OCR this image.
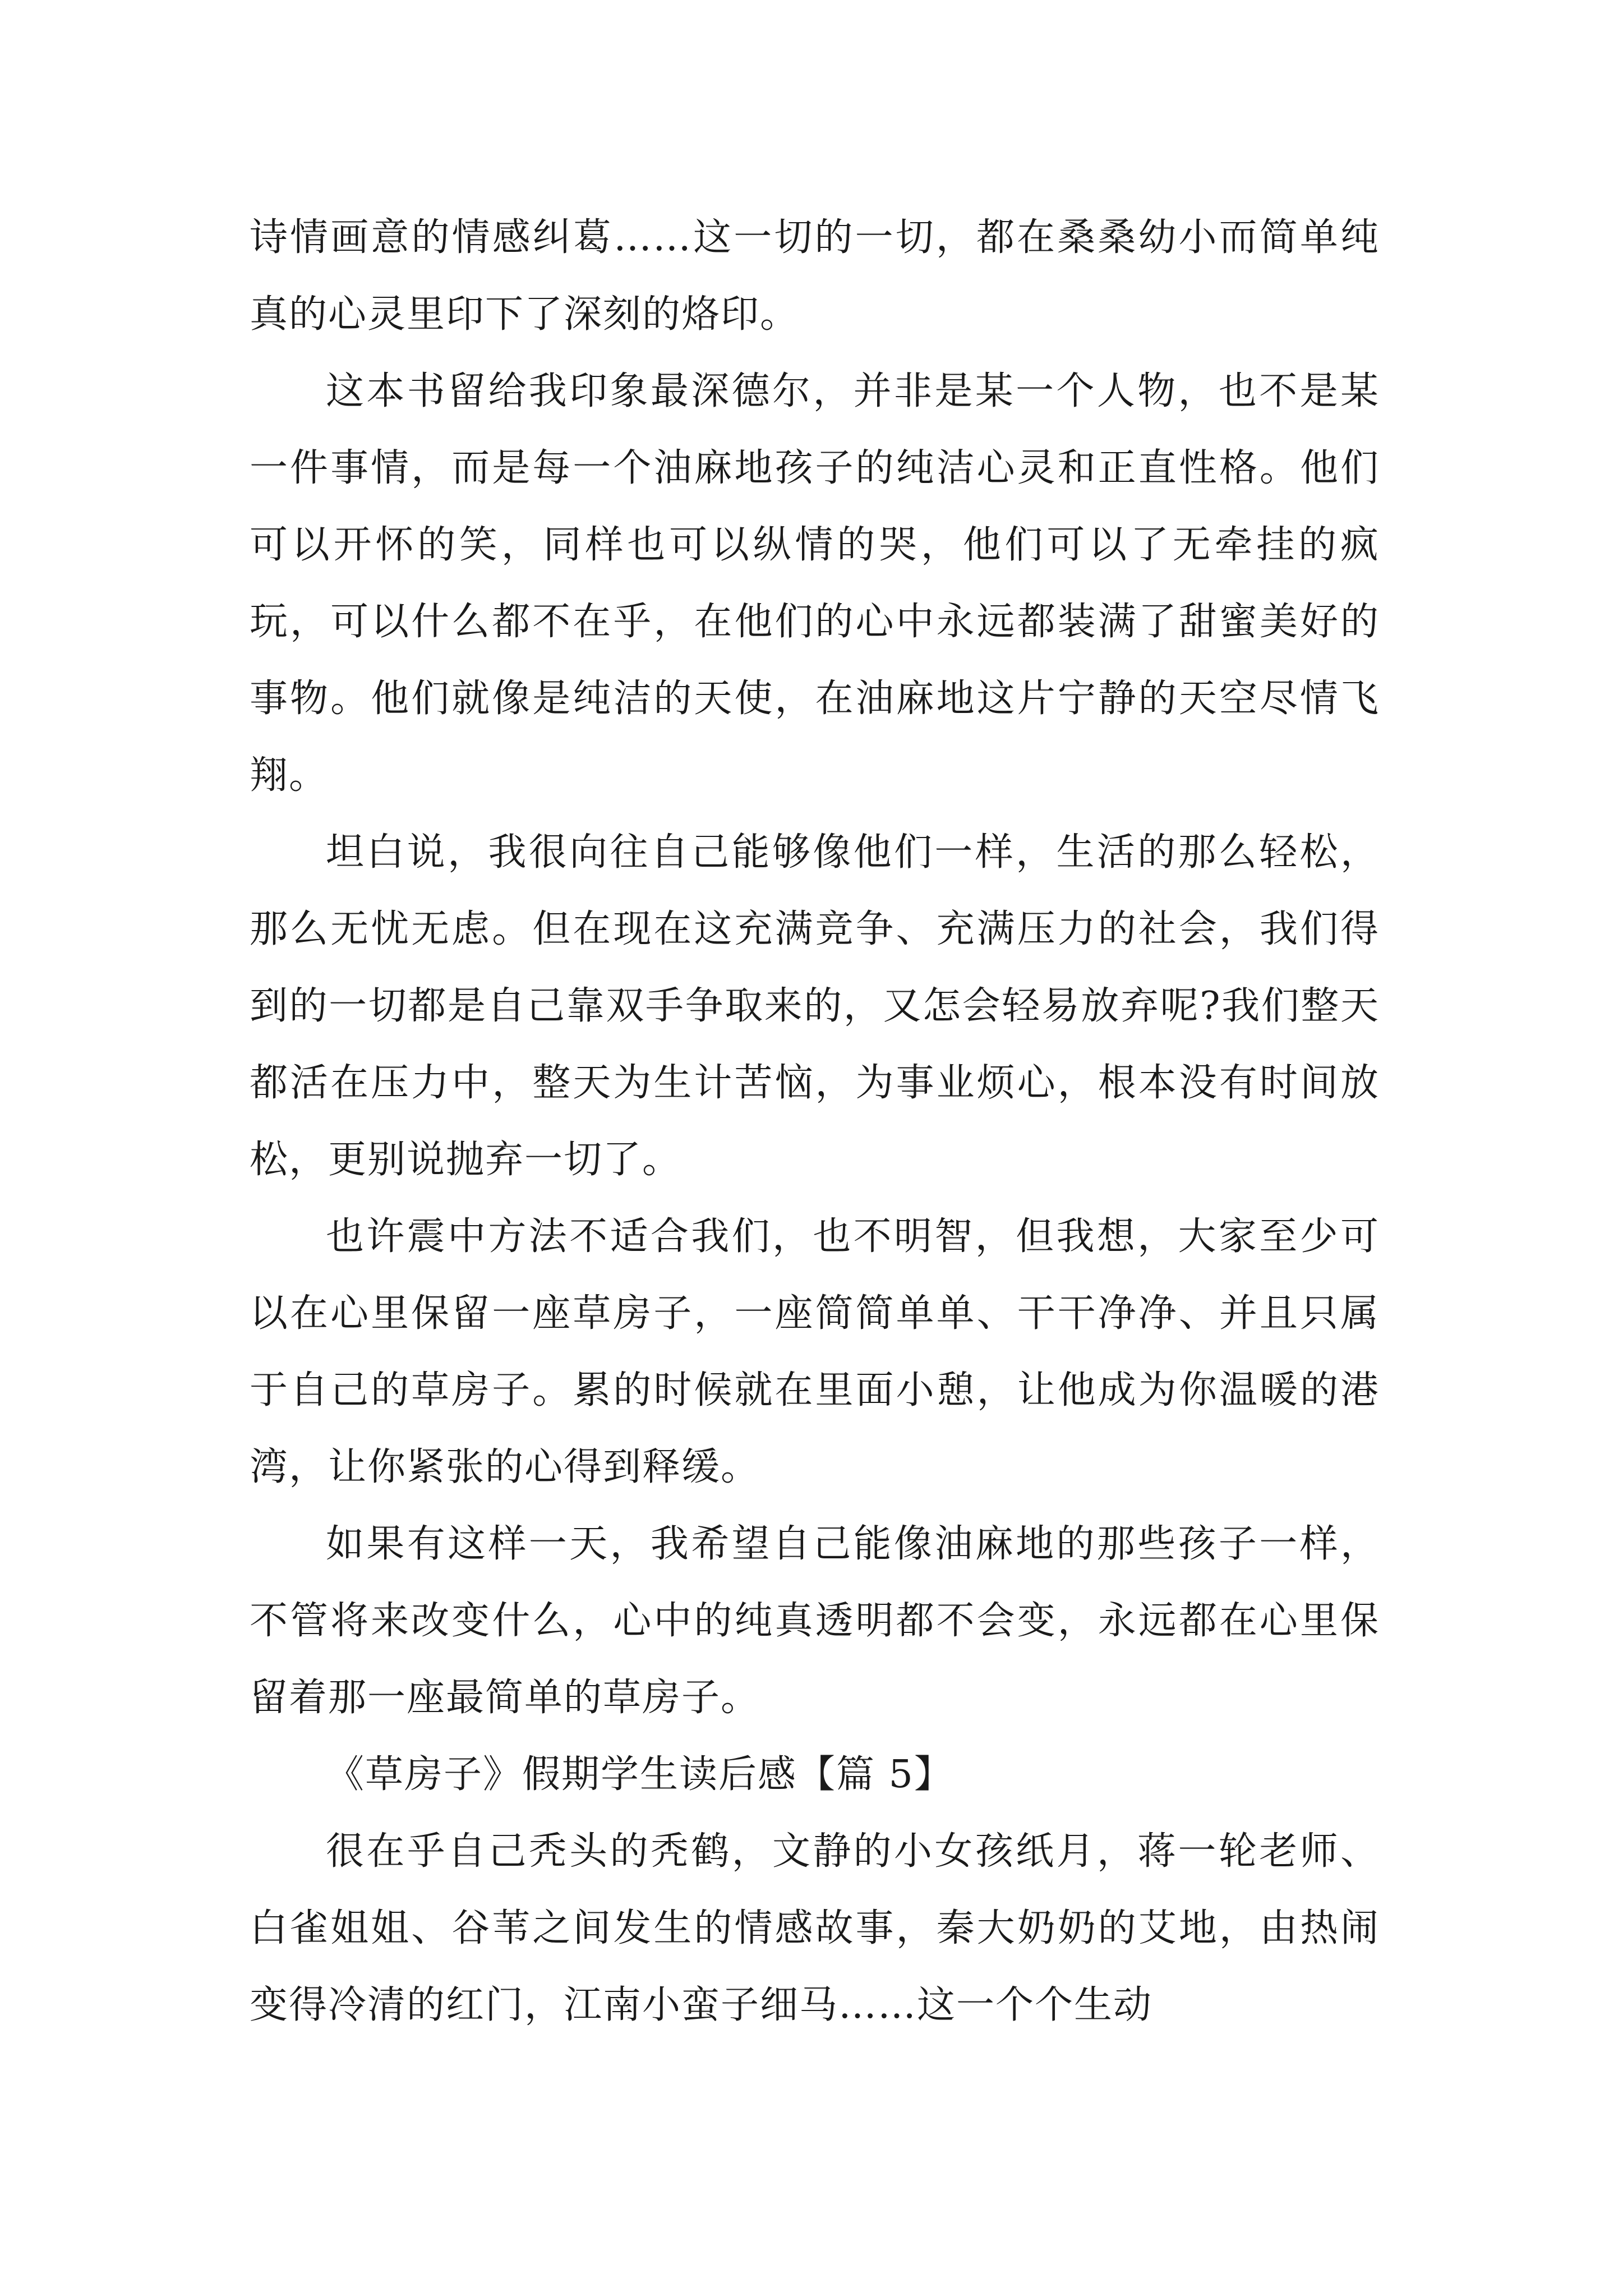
诗情画意的情感纠葛……这一切的一切，都在桑桑幼小而简单纯真的心灵里印下了深刻的烙印。

这本书留给我印象最深德尔，并非是某一个人物，也不是某一件事情，而是每一个油麻地孩子的纯洁心灵和正直性格。他们可以开怀的笑，同样也可以纵情的哭，他们可以了无牵挂的疯玩，可以什么都不在乎，在他们的心中永远都装满了甜蜜美好的事物。他们就像是纯洁的天使，在油麻地这片宁静的天空尽情飞翔。

坦白说，我很向往自己能够像他们一样，生活的那么轻松，那么无忧无虑。但在现在这充满竞争、充满压力的社会，我们得到的一切都是自己靠双手争取来的，又怎会轻易放弃呢?我们整天都活在压力中，整天为生计苦恼，为事业烦心，根本没有时间放松，更别说抛弃一切了。

也许震中方法不适合我们，也不明智，但我想，大家至少可以在心里保留一座草房子，一座简简单单、干干净净、并且只属于自己的草房子。累的时候就在里面小憩，让他成为你温暖的港湾，让你紧张的心得到释缓。

如果有这样一天，我希望自己能像油麻地的那些孩子一样，不管将来改变什么，心中的纯真透明都不会变，永远都在心里保留着那一座最简单的草房子。

《草房子》假期学生读后感【篇 5】

很在乎自己秃头的秃鹤，文静的小女孩纸月，蒋一轮老师、白雀姐姐、谷苇之间发生的情感故事，秦大奶奶的艾地，由热闹变得冷清的红门，江南小蛮子细马……这一个个生动
